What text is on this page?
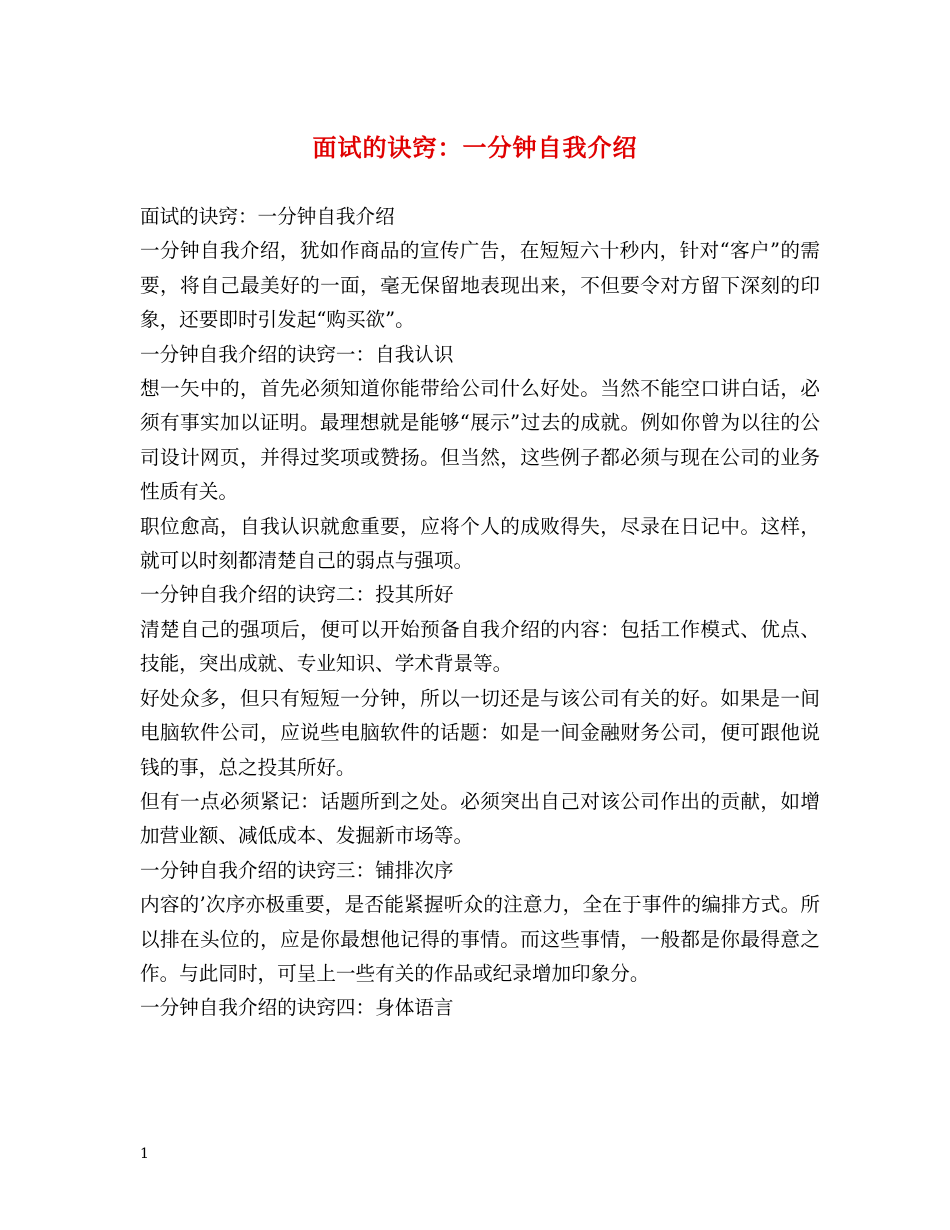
面试的诀窍：一分钟自我介绍

面试的诀窍：一分钟自我介绍

一分钟自我介绍，犹如作商品的宣传广告，在短短六十秒内，针对“客户”的需要，将自己最美好的一面，毫无保留地表现出来，不但要令对方留下深刻的印象，还要即时引发起“购买欲”。

一分钟自我介绍的诀窍一：自我认识

想一矢中的，首先必须知道你能带给公司什么好处。当然不能空口讲白话，必须有事实加以证明。最理想就是能够“展示”过去的成就。例如你曾为以往的公司设计网页，并得过奖项或赞扬。但当然，这些例子都必须与现在公司的业务性质有关。

职位愈高，自我认识就愈重要，应将个人的成败得失，尽录在日记中。这样，就可以时刻都清楚自己的弱点与强项。

一分钟自我介绍的诀窍二：投其所好

清楚自己的强项后，便可以开始预备自我介绍的内容：包括工作模式、优点、技能，突出成就、专业知识、学术背景等。

好处众多，但只有短短一分钟，所以一切还是与该公司有关的好。如果是一间电脑软件公司，应说些电脑软件的话题：如是一间金融财务公司，便可跟他说钱的事，总之投其所好。

但有一点必须紧记：话题所到之处。必须突出自己对该公司作出的贡献，如增加营业额、减低成本、发掘新市场等。

一分钟自我介绍的诀窍三：铺排次序

内容的’次序亦极重要，是否能紧握听众的注意力，全在于事件的编排方式。所以排在头位的，应是你最想他记得的事情。而这些事情，一般都是你最得意之作。与此同时，可呈上一些有关的作品或纪录增加印象分。

一分钟自我介绍的诀窍四：身体语言

1
